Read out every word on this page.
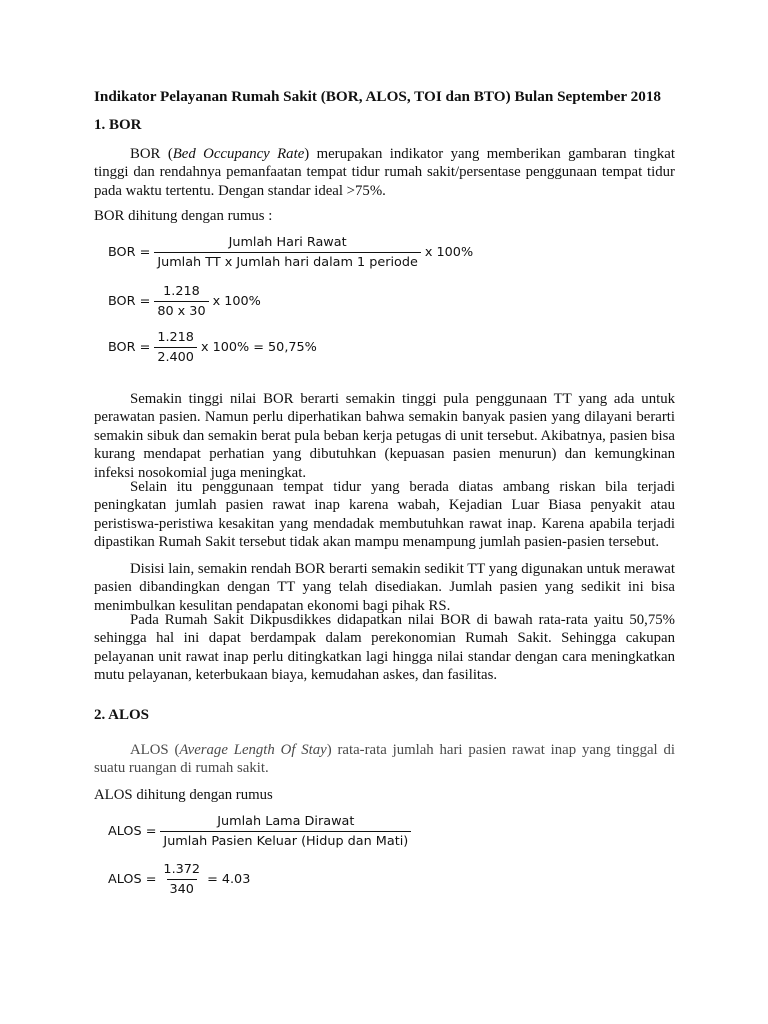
Indikator Pelayanan Rumah Sakit (BOR, ALOS, TOI dan BTO) Bulan September 2018
1. BOR
BOR (Bed Occupancy Rate) merupakan indikator yang memberikan gambaran tingkat tinggi dan rendahnya pemanfaatan tempat tidur rumah sakit/persentase penggunaan tempat tidur pada waktu tertentu. Dengan standar ideal >75%.
BOR dihitung dengan rumus :
BOR = $\frac{\text{Jumlah Hari Rawat}}{\text{Jumlah TT x Jumlah hari dalam 1 periode}}$ x 100%
BOR = $\frac{1.218}{80 x 30}$ x 100%
BOR = $\frac{1.218}{2.400}$ x 100% = 50,75%
Semakin tinggi nilai BOR berarti semakin tinggi pula penggunaan TT yang ada untuk perawatan pasien. Namun perlu diperhatikan bahwa semakin banyak pasien yang dilayani berarti semakin sibuk dan semakin berat pula beban kerja petugas di unit tersebut. Akibatnya, pasien bisa kurang mendapat perhatian yang dibutuhkan (kepuasan pasien menurun) dan kemungkinan infeksi nosokomial juga meningkat.
Selain itu penggunaan tempat tidur yang berada diatas ambang riskan bila terjadi peningkatan jumlah pasien rawat inap karena wabah, Kejadian Luar Biasa penyakit atau peristiswa-peristiwa kesakitan yang mendadak membutuhkan rawat inap. Karena apabila terjadi dipastikan Rumah Sakit tersebut tidak akan mampu menampung jumlah pasien-pasien tersebut.
Disisi lain, semakin rendah BOR berarti semakin sedikit TT yang digunakan untuk merawat pasien dibandingkan dengan TT yang telah disediakan. Jumlah pasien yang sedikit ini bisa menimbulkan kesulitan pendapatan ekonomi bagi pihak RS.
Pada Rumah Sakit Dikpusdikkes didapatkan nilai BOR di bawah rata-rata yaitu 50,75% sehingga hal ini dapat berdampak dalam perekonomian Rumah Sakit. Sehingga cakupan pelayanan unit rawat inap perlu ditingkatkan lagi hingga nilai standar dengan cara meningkatkan mutu pelayanan, keterbukaan biaya, kemudahan askes, dan fasilitas.
2. ALOS
ALOS (Average Length Of Stay) rata-rata jumlah hari pasien rawat inap yang tinggal di suatu ruangan di rumah sakit.
ALOS dihitung dengan rumus
ALOS = $\frac{\text{Jumlah Lama Dirawat}}{\text{Jumlah Pasien Keluar (Hidup dan Mati)}}$
ALOS = $\frac{1.372}{340} = 4.03$
